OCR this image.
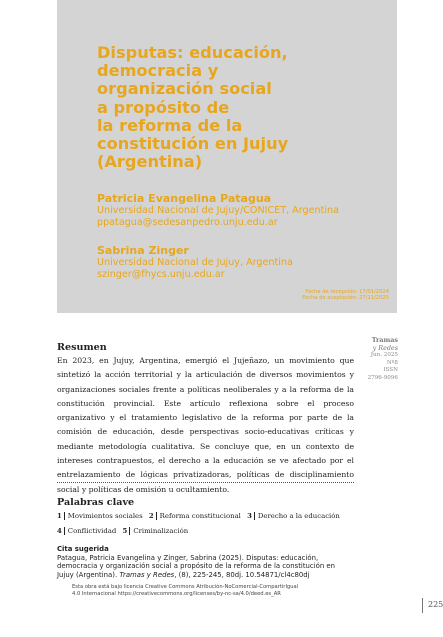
Disputas: educación,
democracia y
organización social
a propósito de
la reforma de la
constitución en Jujuy
(Argentina)
Patricia Evangelina Pataguа
Universidad Nacional de Jujuy/CONICET, Argentina
ppatagua@sedesanpedro.unju.edu.ar
Sabrina Zinger
Universidad Nacional de Jujuy, Argentina
szinger@fhycs.unju.edu.ar
Fecha de recepción: 17/01/2024
Fecha de aceptación: 27/11/2025
Tramas
y Redes
Jun. 2025
Nº8
ISSN
2796-9096
Resumen

En 2023, en Jujuy, Argentina, emergió el Jujeñazo, un movimiento que sintetizó la acción territorial y la articulación de diversos movimientos y organizaciones sociales frente a políticas neoliberales y a la reforma de la constitución provincial. Este artículo reflexiona sobre el proceso organizativo y el tratamiento legislativo de la reforma por parte de la comisión de educación, desde perspectivas socio-educativas críticas y mediante metodología cualitativa. Se concluye que, en un contexto de intereses contrapuestos, el derecho a la educación se ve afectado por el entrelazamiento de lógicas privatizadoras, políticas de disciplinamiento social y políticas de omisión u ocultamiento.

Palabras clave
1 Movimientos sociales 2 Reforma constitucional 3 Derecho a la educación
4 Conflictividad 5 Criminalización
Cita sugerida
Pataguа, Patricia Evangelina y Zinger, Sabrina (2025). Disputas: educación,
democracia y organización social a propósito de la reforma de la constitución en
Jujuy (Argentina). Tramas y Redes, (8), 225-245, 80dj. 10.54871/cl4c80dj
Esta obra está bajo licencia Creative Commons Atribución-NoComercial-CompartirIgual
4.0 Internacional https://creativecommons.org/licenses/by-nc-sa/4.0/deed.es_AR
225
